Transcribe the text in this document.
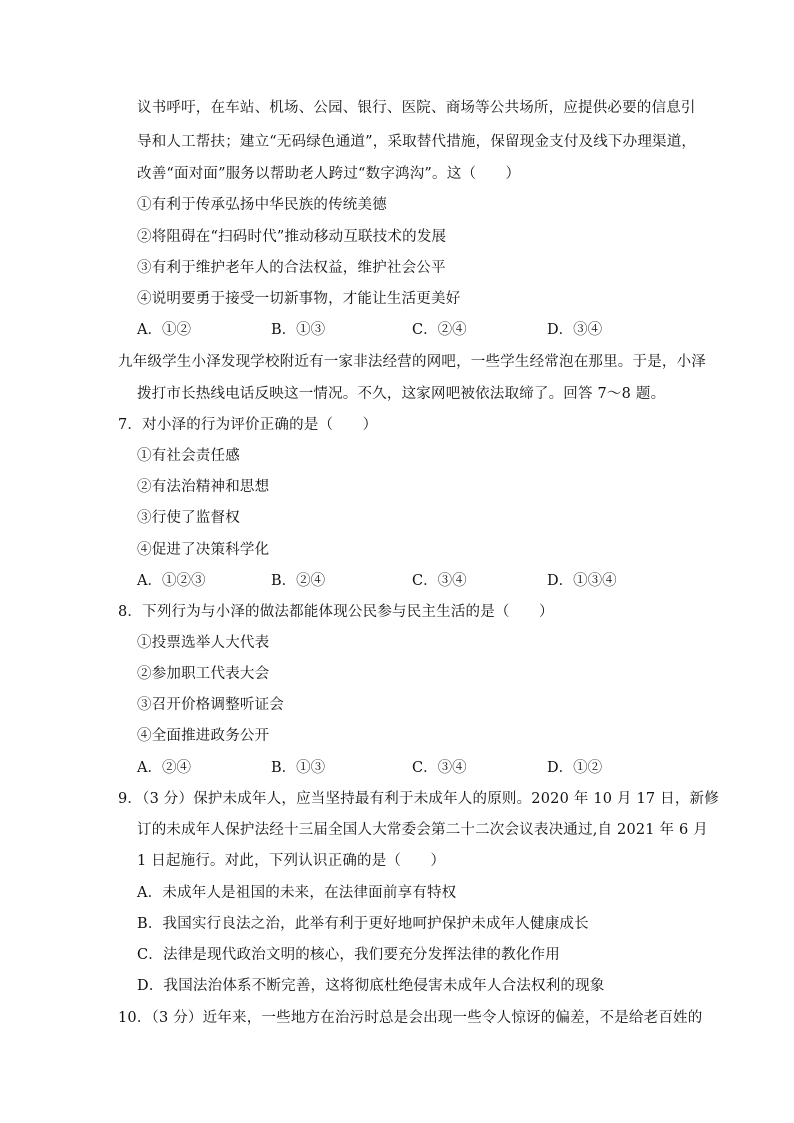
议书呼吁，在车站、机场、公园、银行、医院、商场等公共场所，应提供必要的信息引
导和人工帮扶；建立“无码绿色通道”，采取替代措施，保留现金支付及线下办理渠道，
改善“面对面”服务以帮助老人跨过“数字鸿沟”。这（　　）
①有利于传承弘扬中华民族的传统美德
②将阻碍在“扫码时代”推动移动互联技术的发展
③有利于维护老年人的合法权益，维护社会公平
④说明要勇于接受一切新事物，才能让生活更美好
A．①②	B．①③	C．②④	D．③④
九年级学生小泽发现学校附近有一家非法经营的网吧，一些学生经常泡在那里。于是，小泽
拨打市长热线电话反映这一情况。不久，这家网吧被依法取缔了。回答 7～8 题。
7．对小泽的行为评价正确的是（　　）
①有社会责任感
②有法治精神和思想
③行使了监督权
④促进了决策科学化
A．①②③	B．②④	C．③④	D．①③④
8．下列行为与小泽的做法都能体现公民参与民主生活的是（　　）
①投票选举人大代表
②参加职工代表大会
③召开价格调整听证会
④全面推进政务公开
A．②④	B．①③	C．③④	D．①②
9．（3 分）保护未成年人，应当坚持最有利于未成年人的原则。2020 年 10 月 17 日，新修
订的未成年人保护法经十三届全国人大常委会第二十二次会议表决通过,自 2021 年 6 月
1 日起施行。对此，下列认识正确的是（　　）
A．未成年人是祖国的未来，在法律面前享有特权
B．我国实行良法之治，此举有利于更好地呵护保护未成年人健康成长
C．法律是现代政治文明的核心，我们要充分发挥法律的教化作用
D．我国法治体系不断完善，这将彻底杜绝侵害未成年人合法权利的现象
10．（3 分）近年来，一些地方在治污时总是会出现一些令人惊讶的偏差，不是给老百姓的
